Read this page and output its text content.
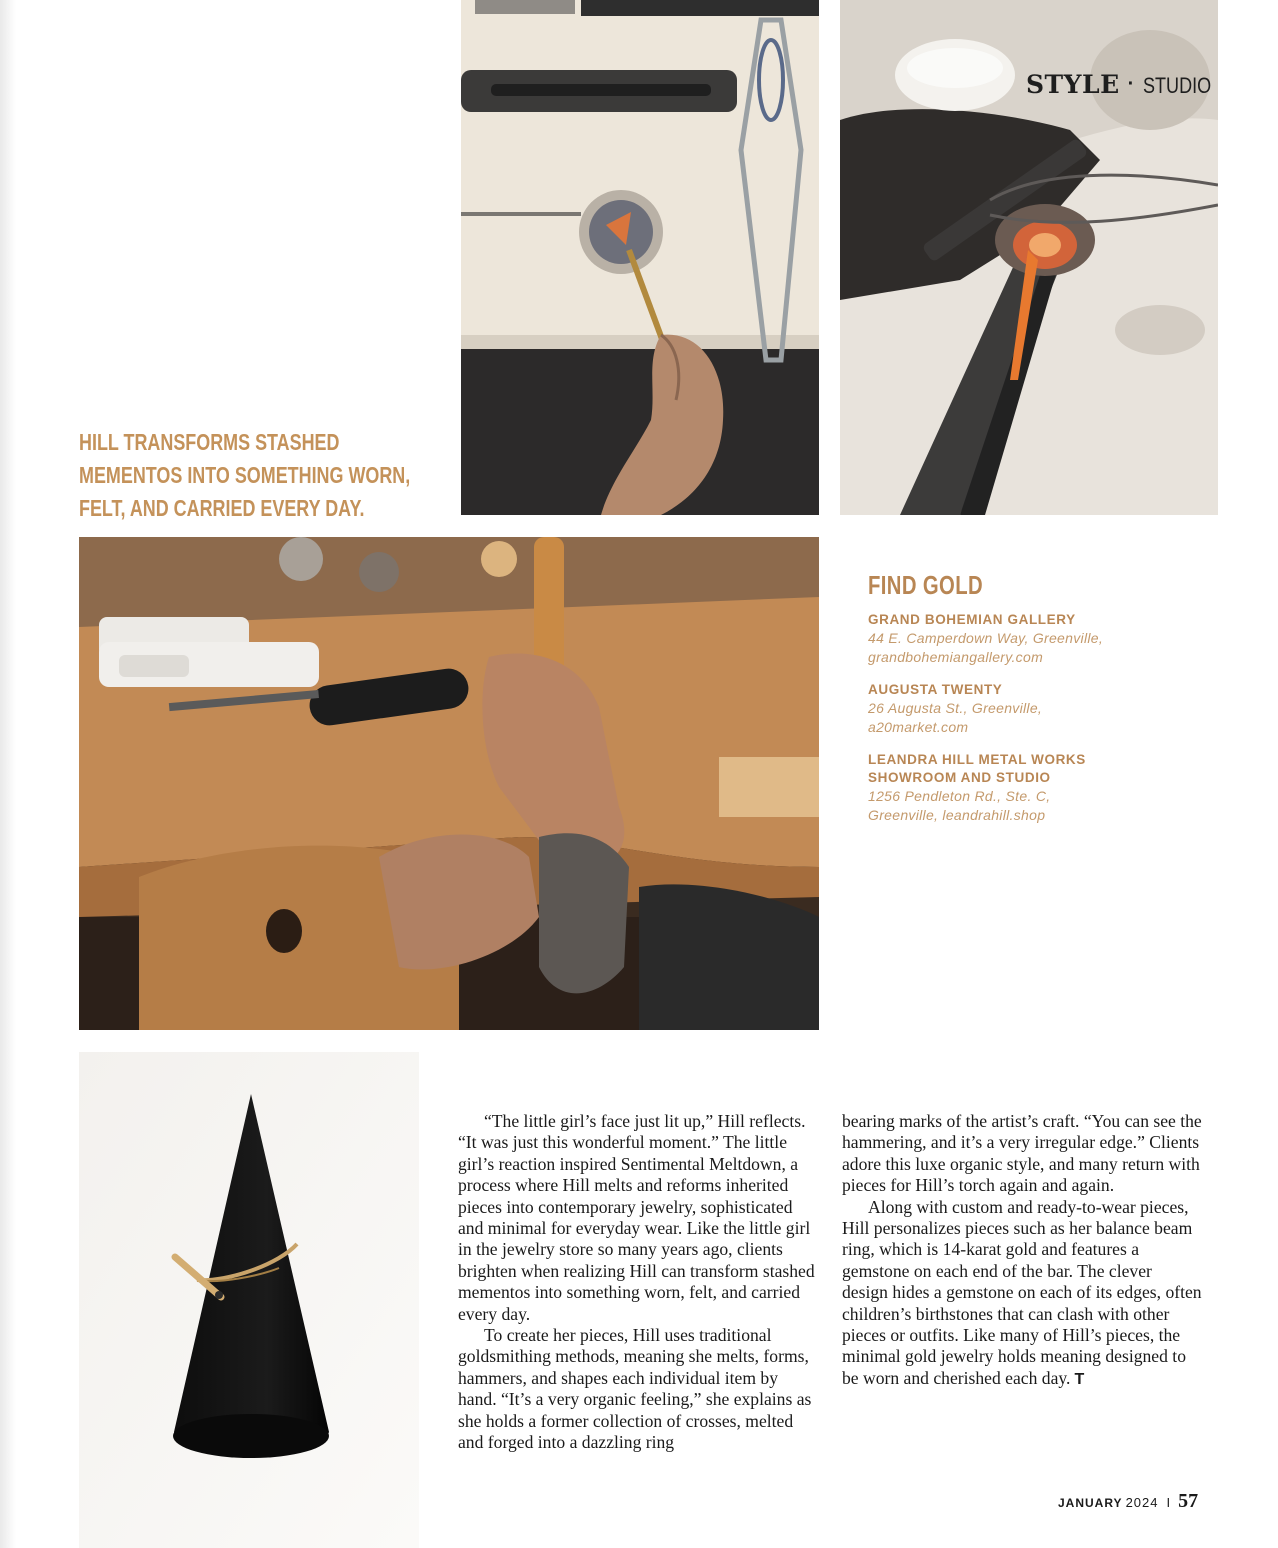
STYLE · STUDIO
HILL TRANSFORMS STASHED
MEMENTOS INTO SOMETHING WORN,
FELT, AND CARRIED EVERY DAY.
FIND GOLD
GRAND BOHEMIAN GALLERY
44 E. Camperdown Way, Greenville,
grandbohemiangallery.com
AUGUSTA TWENTY
26 Augusta St., Greenville,
a20market.com
LEANDRA HILL METAL WORKS
SHOWROOM AND STUDIO
1256 Pendleton Rd., Ste. C,
Greenville, leandrahill.shop

“The little girl’s face just lit up,” Hill reflects. “It was just this wonderful moment.” The little girl’s reaction inspired Sentimental Meltdown, a process where Hill melts and reforms inherited pieces into contemporary jewelry, sophisticated and minimal for everyday wear. Like the little girl in the jewelry store so many years ago, clients brighten when realizing Hill can transform stashed mementos into something worn, felt, and carried every day.

To create her pieces, Hill uses traditional goldsmithing methods, meaning she melts, forms, hammers, and shapes each individual item by hand. “It’s a very organic feeling,” she explains as she holds a former collection of crosses, melted and forged into a dazzling ring

bearing marks of the artist’s craft. “You can see the hammering, and it’s a very irregular edge.” Clients adore this luxe organic style, and many return with pieces for Hill’s torch again and again.

Along with custom and ready-to-wear pieces, Hill personalizes pieces such as her balance beam ring, which is 14-karat gold and features a gemstone on each end of the bar. The clever design hides a gemstone on each of its edges, often children’s birthstones that can clash with other pieces or outfits. Like many of Hill’s pieces, the minimal gold jewelry holds meaning designed to be worn and cherished each day. T

JANUARY 2024 I 57
